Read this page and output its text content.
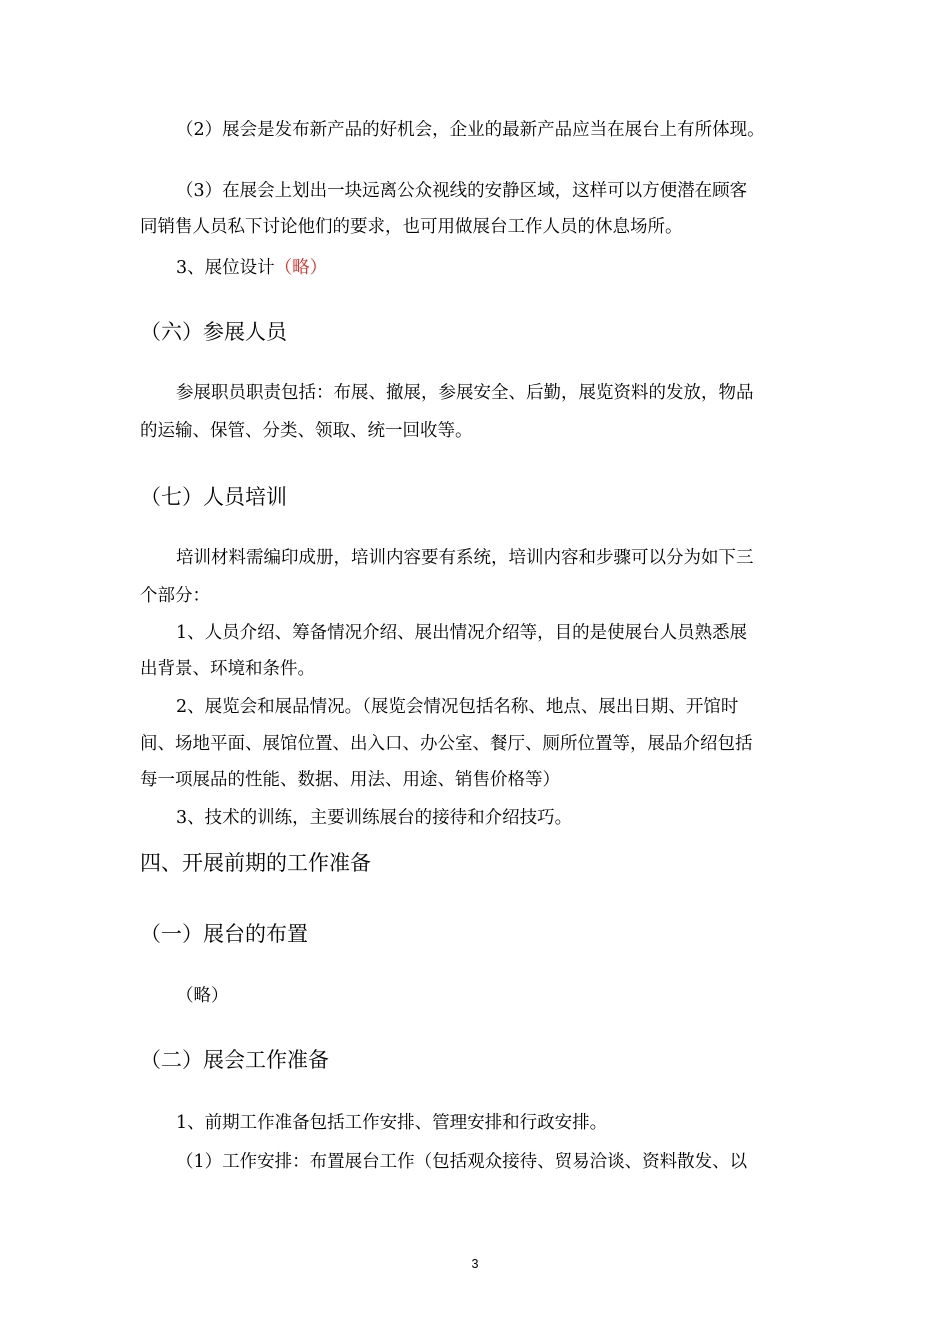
（2）展会是发布新产品的好机会，企业的最新产品应当在展台上有所体现。
（3）在展会上划出一块远离公众视线的安静区域，这样可以方便潜在顾客
同销售人员私下讨论他们的要求，也可用做展台工作人员的休息场所。
3、展位设计（略）
（六）参展人员
参展职员职责包括：布展、撤展，参展安全、后勤，展览资料的发放，物品
的运输、保管、分类、领取、统一回收等。
（七）人员培训
培训材料需编印成册，培训内容要有系统，培训内容和步骤可以分为如下三
个部分：
1、人员介绍、筹备情况介绍、展出情况介绍等，目的是使展台人员熟悉展
出背景、环境和条件。
2、展览会和展品情况。（展览会情况包括名称、地点、展出日期、开馆时
间、场地平面、展馆位置、出入口、办公室、餐厅、厕所位置等，展品介绍包括
每一项展品的性能、数据、用法、用途、销售价格等）
3、技术的训练，主要训练展台的接待和介绍技巧。
四、开展前期的工作准备
（一）展台的布置
（略）
（二）展会工作准备
1、前期工作准备包括工作安排、管理安排和行政安排。
（1）工作安排：布置展台工作（包括观众接待、贸易洽谈、资料散发、以
3
